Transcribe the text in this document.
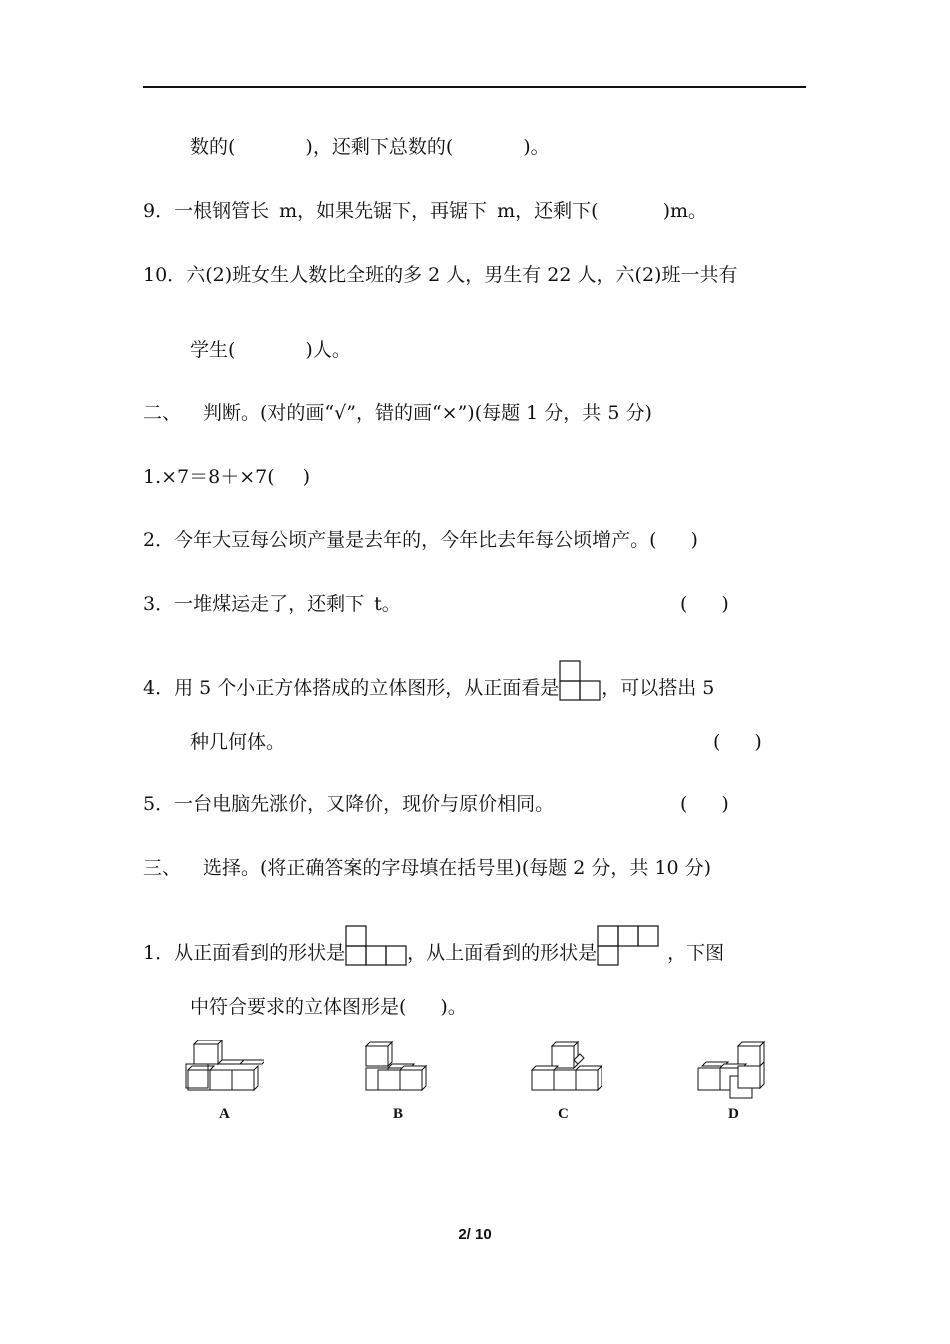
数的(	)，还剩下总数的(	)。
9．一根钢管长 m，如果先锯下，再锯下 m，还剩下(	)m。
10．六(2)班女生人数比全班的多 2 人，男生有 22 人，六(2)班一共有
学生(	)人。
二、 判断。(对的画“√”，错的画“×”)(每题 1 分，共 5 分)
1.×7＝8＋×7( )
2．今年大豆每公顷产量是去年的，今年比去年每公顷增产。( )
3．一堆煤运走了，还剩下 t。	( )
4．用 5 个小正方体搭成的立体图形，从正面看是 ，可以搭出 5
种几何体。	( )
5．一台电脑先涨价，又降价，现价与原价相同。	( )
三、 选择。(将正确答案的字母填在括号里)(每题 2 分，共 10 分)
1．从正面看到的形状是	，从上面看到的形状是	，下图
中符合要求的立体图形是( )。
A	B	C	D
2/ 10
